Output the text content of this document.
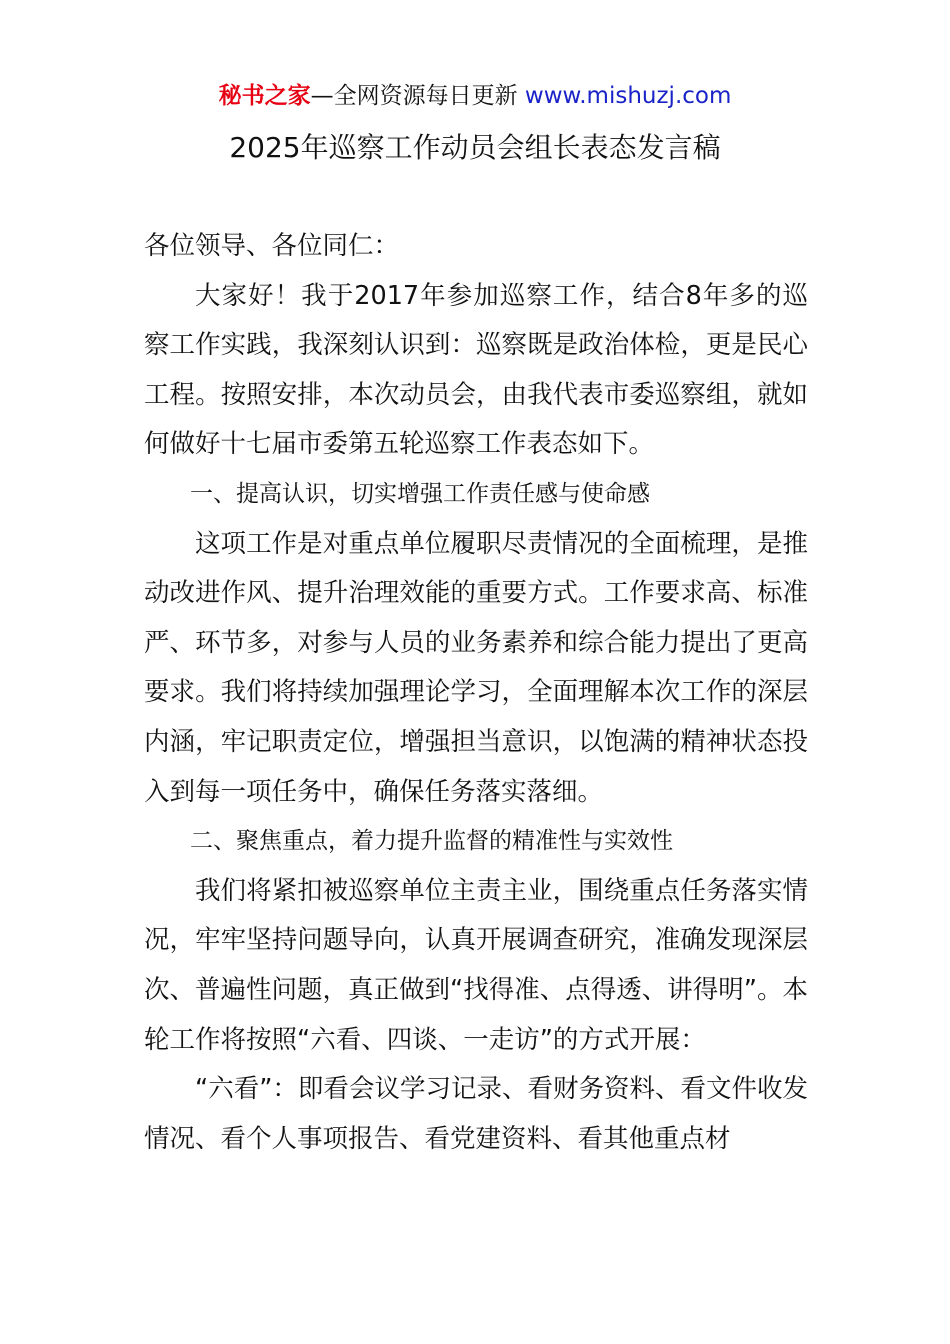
秘书之家—全网资源每日更新 www.mishuzj.com
2025年巡察工作动员会组长表态发言稿

各位领导、各位同仁：

大家好！我于2017年参加巡察工作，结合8年多的巡察工作实践，我深刻认识到：巡察既是政治体检，更是民心工程。按照安排，本次动员会，由我代表市委巡察组，就如何做好十七届市委第五轮巡察工作表态如下。

一、提高认识，切实增强工作责任感与使命感

这项工作是对重点单位履职尽责情况的全面梳理，是推动改进作风、提升治理效能的重要方式。工作要求高、标准严、环节多，对参与人员的业务素养和综合能力提出了更高要求。我们将持续加强理论学习，全面理解本次工作的深层内涵，牢记职责定位，增强担当意识，以饱满的精神状态投入到每一项任务中，确保任务落实落细。

二、聚焦重点，着力提升监督的精准性与实效性

我们将紧扣被巡察单位主责主业，围绕重点任务落实情况，牢牢坚持问题导向，认真开展调查研究，准确发现深层次、普遍性问题，真正做到“找得准、点得透、讲得明”。本轮工作将按照“六看、四谈、一走访”的方式开展：

“六看”：即看会议学习记录、看财务资料、看文件收发情况、看个人事项报告、看党建资料、看其他重点材
